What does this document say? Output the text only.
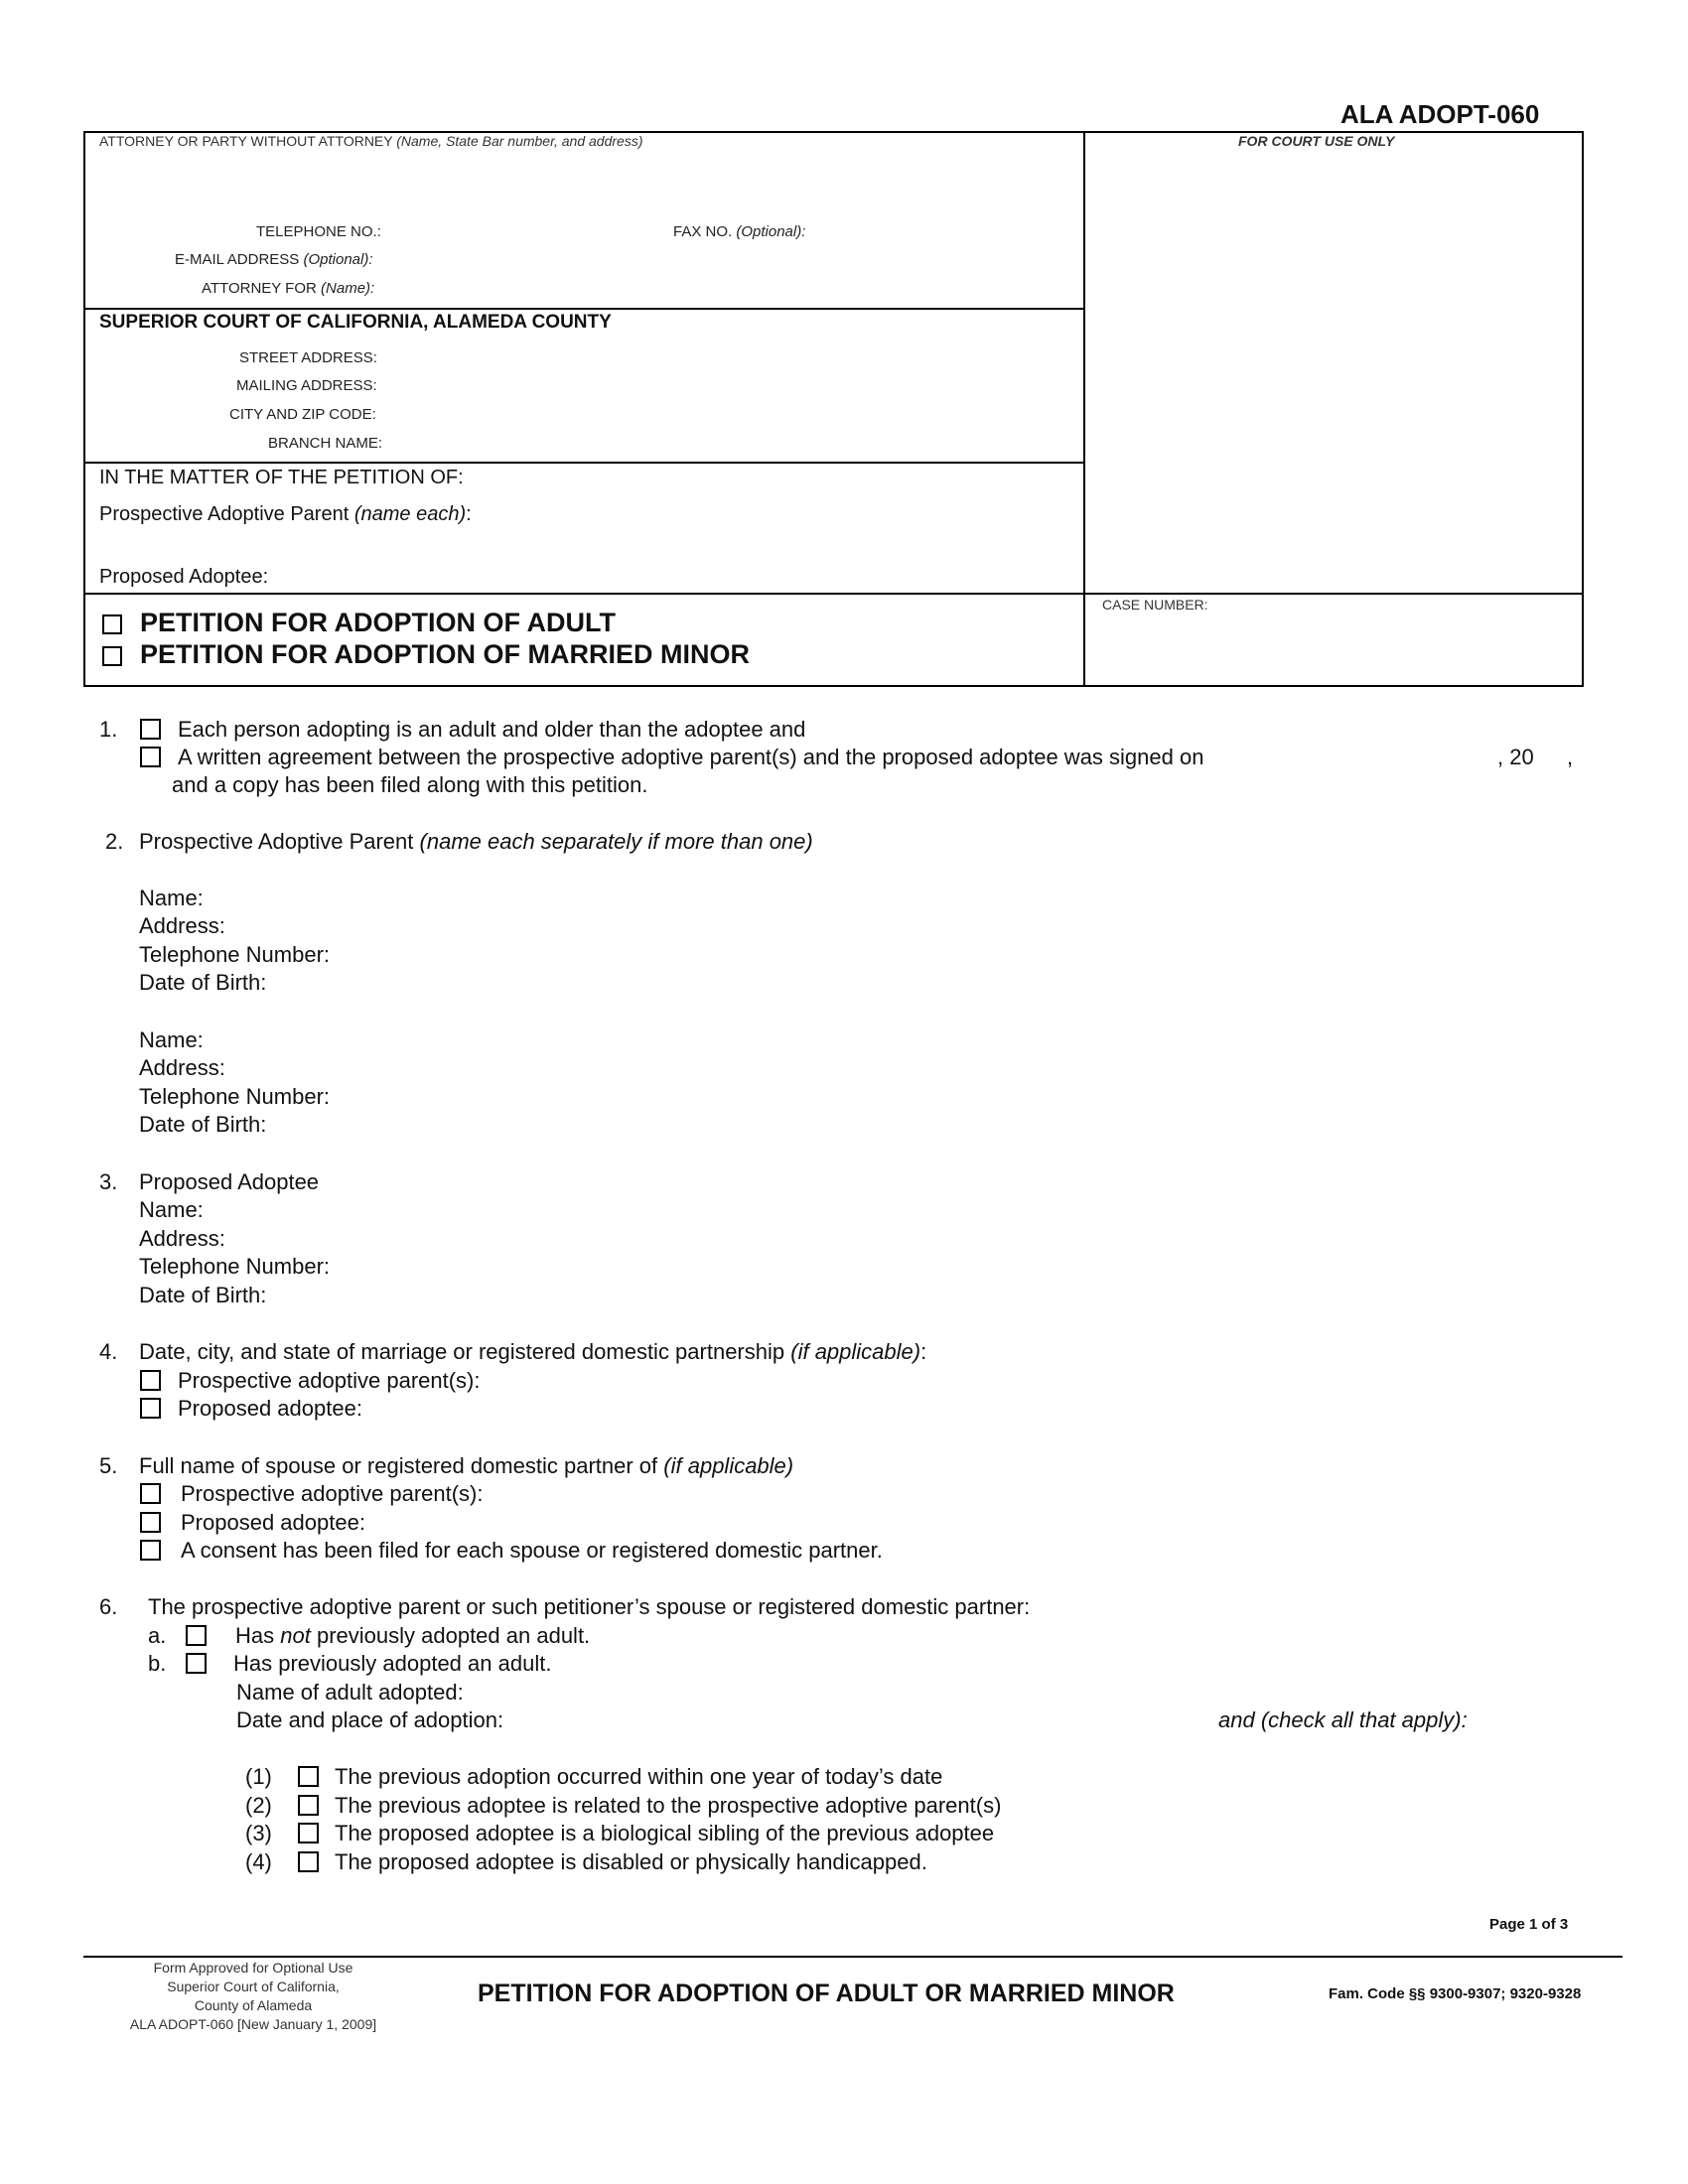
ALA ADOPT-060
ATTORNEY OR PARTY WITHOUT ATTORNEY (Name, State Bar number, and address)	FOR COURT USE ONLY
TELEPHONE NO.:	FAX NO. (Optional):
E-MAIL ADDRESS (Optional):
ATTORNEY FOR (Name):
SUPERIOR COURT OF CALIFORNIA, ALAMEDA COUNTY
STREET ADDRESS:
MAILING ADDRESS:
CITY AND ZIP CODE:
BRANCH NAME:
IN THE MATTER OF THE PETITION OF:
Prospective Adoptive Parent (name each):
Proposed Adoptee:
PETITION FOR ADOPTION OF ADULT
PETITION FOR ADOPTION OF MARRIED MINOR
CASE NUMBER:
1.	Each person adopting is an adult and older than the adoptee and
A written agreement between the prospective adoptive parent(s) and the proposed adoptee was signed on	, 20 ,
and a copy has been filed along with this petition.
2. Prospective Adoptive Parent (name each separately if more than one)
Name:
Address:
Telephone Number:
Date of Birth:
Name:
Address:
Telephone Number:
Date of Birth:
3. Proposed Adoptee
Name:
Address:
Telephone Number:
Date of Birth:
4. Date, city, and state of marriage or registered domestic partnership (if applicable):
Prospective adoptive parent(s):
Proposed adoptee:
5. Full name of spouse or registered domestic partner of (if applicable)
Prospective adoptive parent(s):
Proposed adoptee:
A consent has been filed for each spouse or registered domestic partner.
6. The prospective adoptive parent or such petitioner’s spouse or registered domestic partner:
a.	Has not previously adopted an adult.
b.	Has previously adopted an adult.
Name of adult adopted:
Date and place of adoption:	and (check all that apply):
(1)	The previous adoption occurred within one year of today’s date
(2)	The previous adoptee is related to the prospective adoptive parent(s)
(3)	The proposed adoptee is a biological sibling of the previous adoptee
(4)	The proposed adoptee is disabled or physically handicapped.
Page 1 of 3
Form Approved for Optional Use
Superior Court of California,
County of Alameda
ALA ADOPT-060 [New January 1, 2009]
PETITION FOR ADOPTION OF ADULT OR MARRIED MINOR	Fam. Code §§ 9300-9307; 9320-9328
